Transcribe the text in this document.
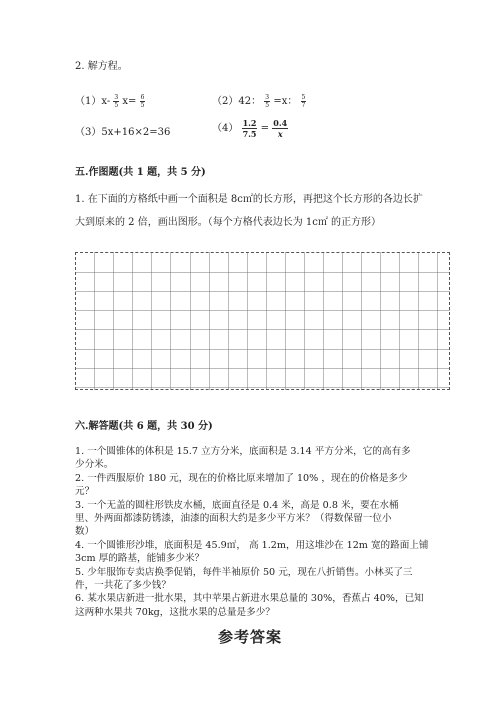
2. 解方程。
$(1)x- \frac{3}{5} x= \frac{6}{5}$	（2）42： $\frac{3}{5} =x$： $\frac{5}{7}$
（3）5x+16×2=36	$(4) \frac{1.2}{7.5} = \frac{0.4}{x}$
五.作图题(共 1 题，共 5 分)
1. 在下面的方格纸中画一个面积是 8c㎡的长方形，再把这个长方形的各边长扩
大到原来的 2 倍，画出图形。（每个方格代表边长为 1c㎡ 的正方形）
六.解答题(共 6 题，共 30 分)
1. 一个圆锥体的体积是 15.7 立方分米，底面积是 3.14 平方分米，它的高有多
少分米。
2. 一件西服原价 180 元，现在的价格比原来增加了 10% ，现在的价格是多少
元？
3. 一个无盖的圆柱形铁皮水桶，底面直径是 0.4 米，高是 0.8 米，要在水桶
里、外两面都漆防锈漆，油漆的面积大约是多少平方米？（得数保留一位小
数）
4. 一个圆锥形沙堆，底面积是 45.9㎡， 高 1.2m，用这堆沙在 12m 宽的路面上铺
3cm 厚的路基，能铺多少米？
5. 少年服饰专卖店换季促销，每件半袖原价 50 元，现在八折销售。小林买了三
件，一共花了多少钱？
6. 某水果店新进一批水果，其中苹果占新进水果总量的 30%，香蕉占 40%，已知
这两种水果共 70kg，这批水果的总量是多少？
参考答案
